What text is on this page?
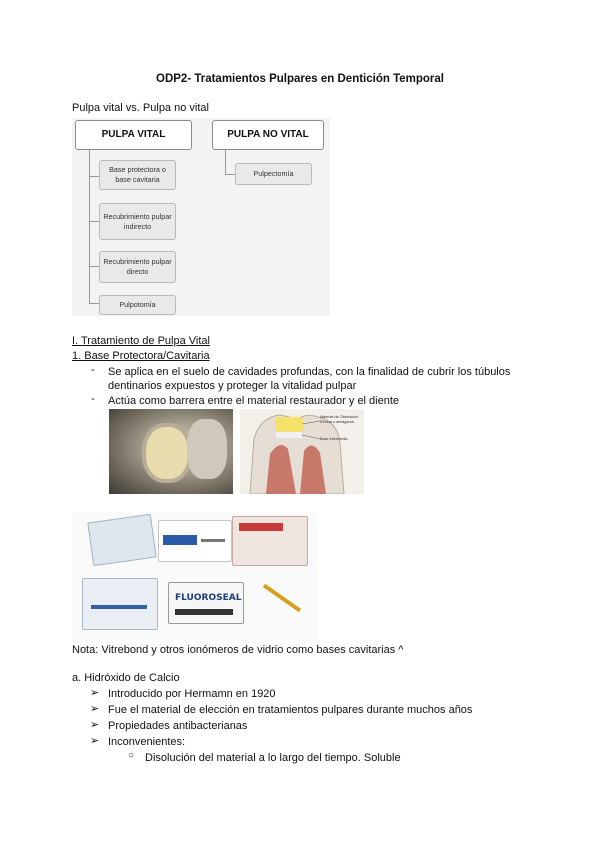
ODP2- Tratamientos Pulpares en Dentición Temporal
Pulpa vital vs. Pulpa no vital
PULPA VITAL	PULPA NO VITAL
Base protectora o base cavitaria
Recubrimiento pulpar indirecto
Recubrimiento pulpar directo
Pulpotomía
Pulpectomía
I. Tratamiento de Pulpa Vital
1. Base Protectora/Cavitaria
- Se aplica en el suelo de cavidades profundas, con la finalidad de cubrir los túbulos
dentinarios expuestos y proteger la vitalidad pulpar
- Actúa como barrera entre el material restaurador y el diente
Material de Obturación
Resina o amalgama
Base intermedia
FLUOROSEAL
Nota: Vitrebond y otros ionómeros de vidrio como bases cavitarias ^
a. Hidróxido de Calcio
➢ Introducido por Hermamn en 1920
➢ Fue el material de elección en tratamientos pulpares durante muchos años
➢ Propiedades antibacterianas
➢ Inconvenientes:
○ Disolución del material a lo largo del tiempo. Soluble
